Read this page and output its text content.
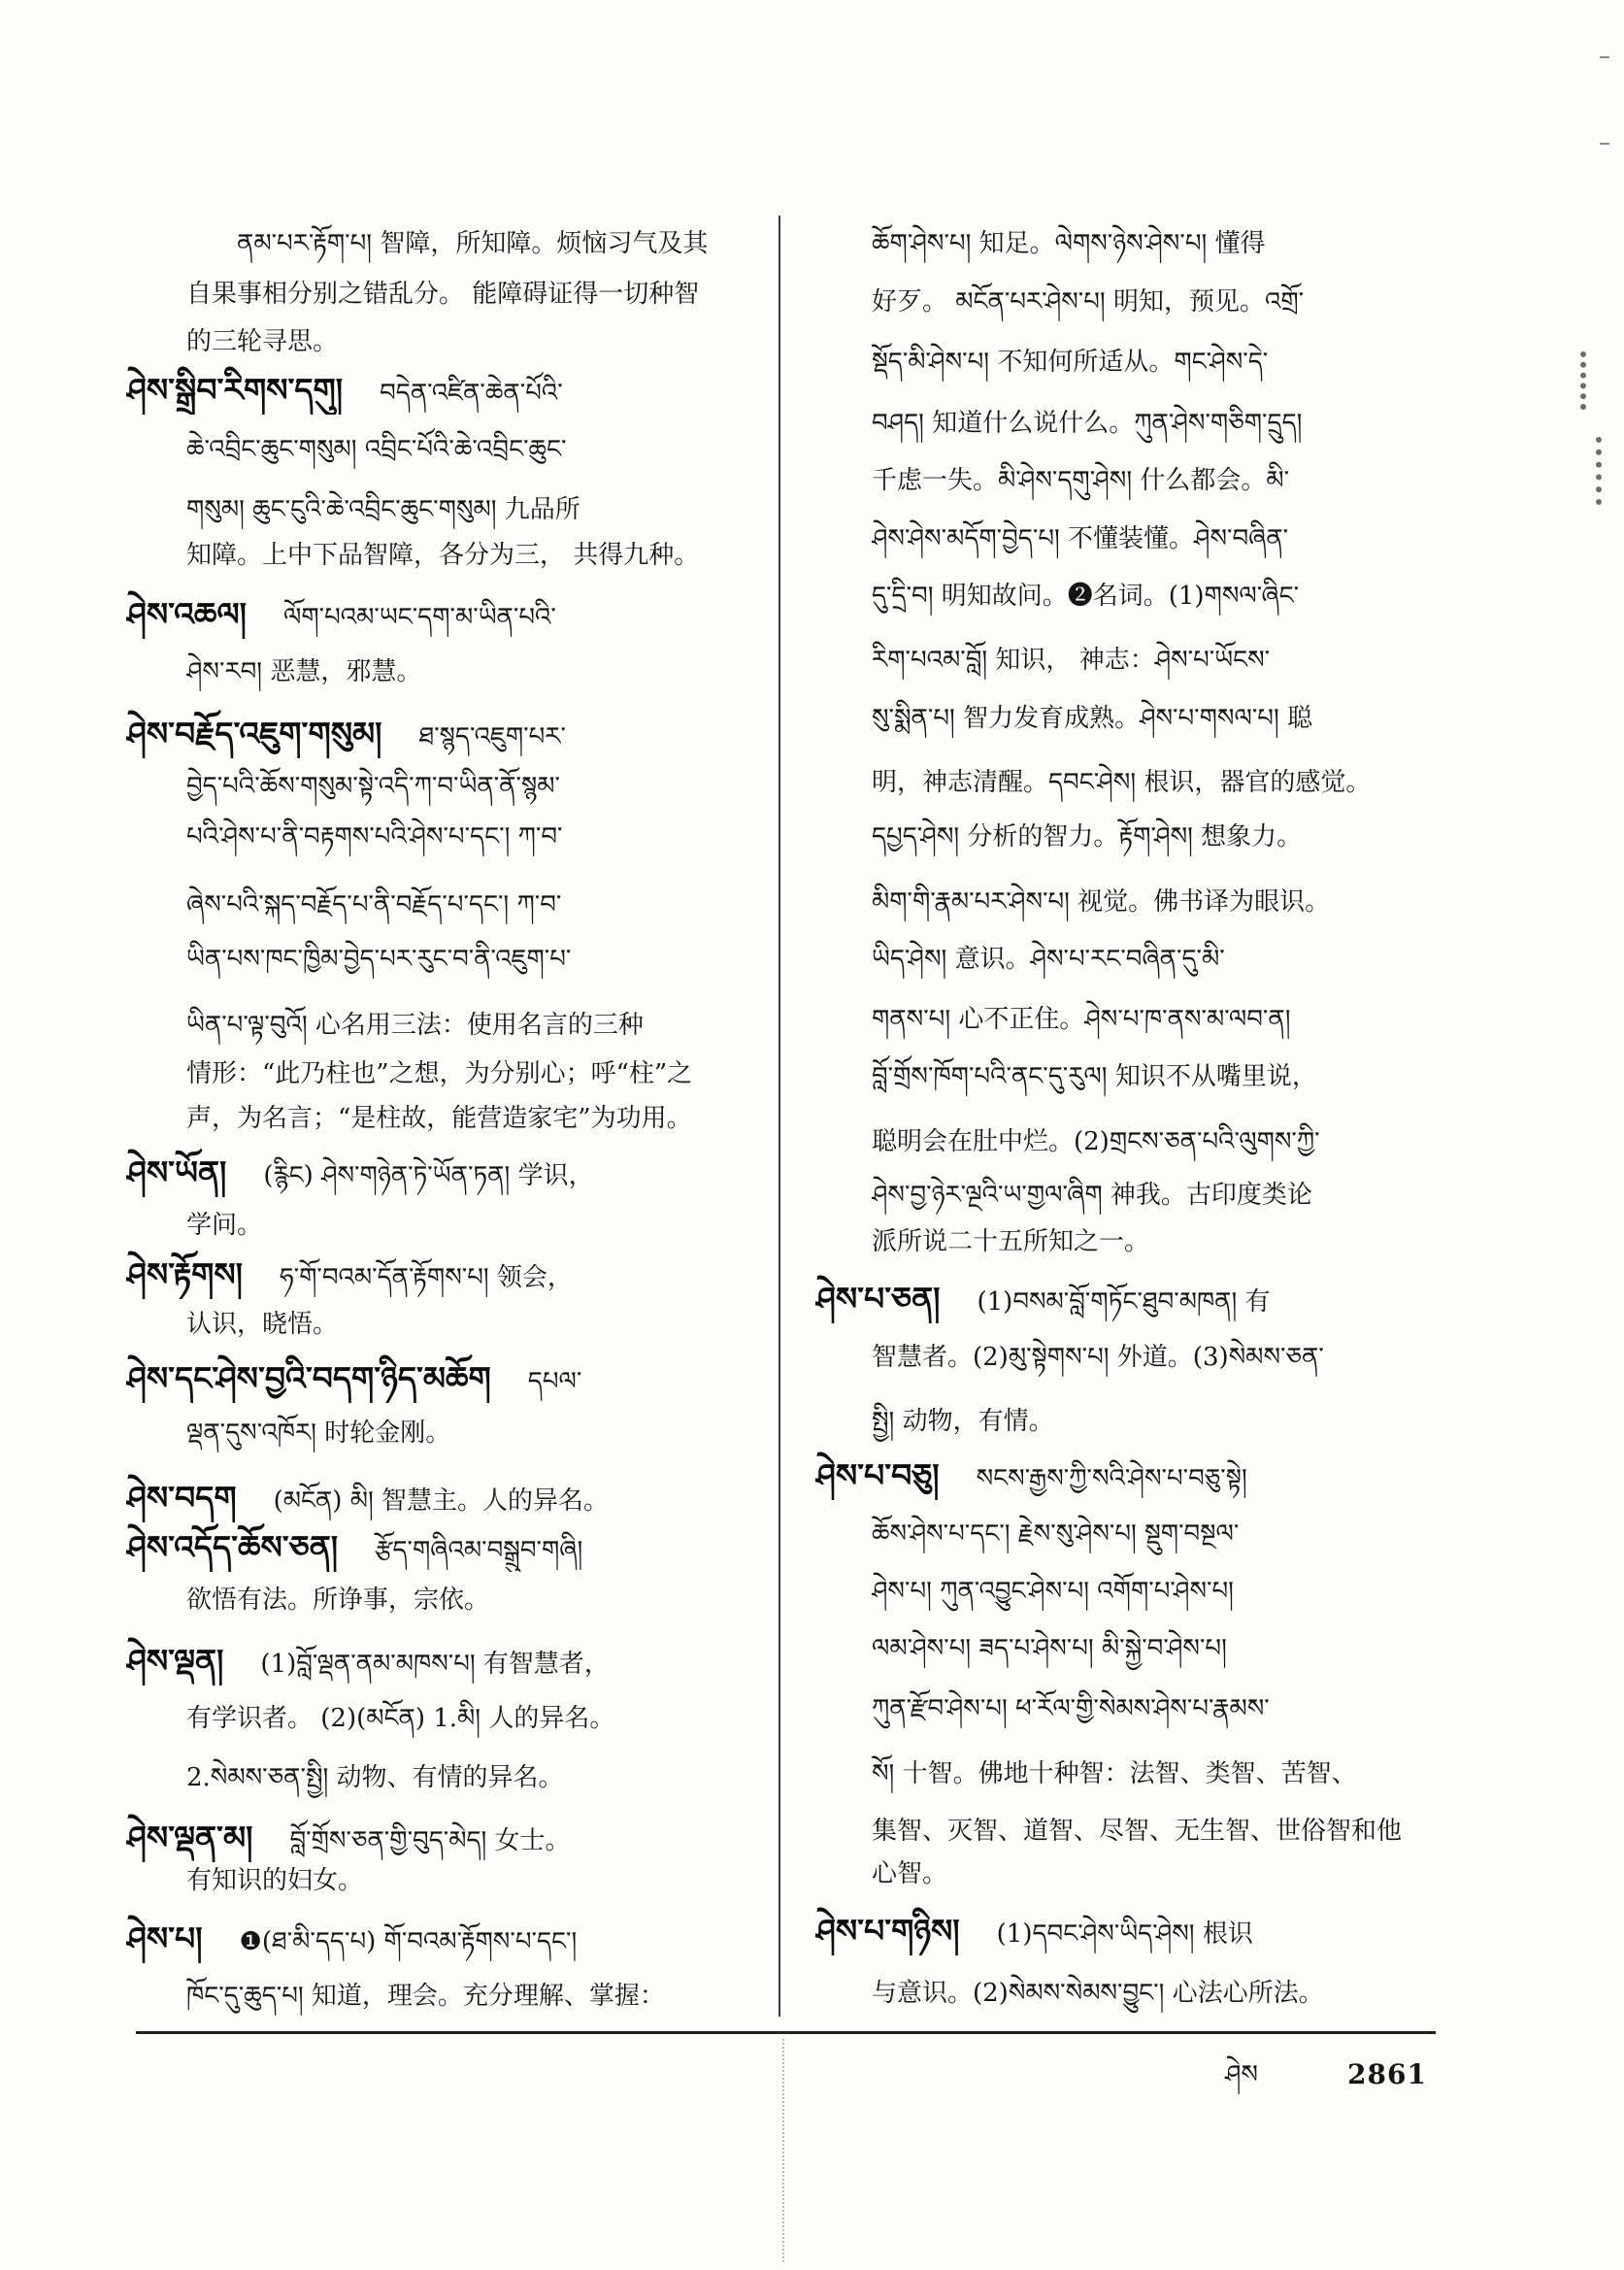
ནམ་པར་རྟོག་པ། 智障，所知障。烦恼习气及其
自果事相分别之错乱分。 能障碍证得一切种智
的三轮寻思。
ཤེས་སྒྲིབ་རིགས་དགུ། བདེན་འཛིན་ཆེན་པོའི་
ཆེ་འབྲིང་ཆུང་གསུམ། འབྲིང་པོའི་ཆེ་འབྲིང་ཆུང་
གསུམ། ཆུང་ངུའི་ཆེ་འབྲིང་ཆུང་གསུམ། 九品所
知障。上中下品智障，各分为三， 共得九种。
ཤེས་འཆལ། ལོག་པའམ་ཡང་དག་མ་ཡིན་པའི་
ཤེས་རབ། 恶慧，邪慧。
ཤེས་བརྗོད་འཇུག་གསུམ། ཐ་སྙད་འཇུག་པར་
བྱེད་པའི་ཆོས་གསུམ་སྟེ་འདི་ཀ་བ་ཡིན་ནོ་སྙམ་
པའི་ཤེས་པ་ནི་བརྟགས་པའི་ཤེས་པ་དང་། ཀ་བ་
ཞེས་པའི་སྐད་བརྗོད་པ་ནི་བརྗོད་པ་དང་། ཀ་བ་
ཡིན་པས་ཁང་ཁྱིམ་བྱེད་པར་རུང་བ་ནི་འཇུག་པ་
ཡིན་པ་ལྟ་བུའོ། 心名用三法：使用名言的三种
情形：“此乃柱也”之想，为分别心；呼“柱”之
声，为名言；“是柱故，能营造家宅”为功用。
ཤེས་ཡོན། (རྙིང) ཤེས་གཉེན་ཏེ་ཡོན་ཏན། 学识，
学问。
ཤེས་རྟོགས། ཧ་གོ་བའམ་དོན་རྟོགས་པ། 领会，
认识，晓悟。
ཤེས་དང་ཤེས་བྱའི་བདག་ཉིད་མཆོག དཔལ་
ལྡན་དུས་འཁོར། 时轮金刚。
ཤེས་བདག (མངོན) མི། 智慧主。人的异名。
ཤེས་འདོད་ཆོས་ཅན། རྩོད་གཞིའམ་བསྒྲུབ་གཞི།
欲悟有法。所诤事，宗依。
ཤེས་ལྡན། (1)བློ་ལྡན་ནམ་མཁས་པ། 有智慧者，
有学识者。 (2)(མངོན) 1.མི། 人的异名。
2.སེམས་ཅན་སྤྱི། 动物、有情的异名。
ཤེས་ལྡན་མ། བློ་གྲོས་ཅན་གྱི་བུད་མེད། 女士。
有知识的妇女。
ཤེས་པ། ❶(ཐ་མི་དད་པ) གོ་བའམ་རྟོགས་པ་དང་།
ཁོང་དུ་ཆུད་པ། 知道，理会。充分理解、掌握：
ཆོག་ཤེས་པ། 知足。ལེགས་ཉེས་ཤེས་པ། 懂得
好歹。 མངོན་པར་ཤེས་པ། 明知，预见。འགྲོ་
སྡོད་མི་ཤེས་པ། 不知何所适从。གང་ཤེས་དེ་
བཤད། 知道什么说什么。ཀུན་ཤེས་གཅིག་དྲུད།
千虑一失。མི་ཤེས་དགུ་ཤེས། 什么都会。མི་
ཤེས་ཤེས་མདོག་བྱེད་པ། 不懂装懂。ཤེས་བཞིན་
དུ་དྲི་བ། 明知故问。❷名词。(1)གསལ་ཞིང་
རིག་པའམ་བློ། 知识， 神志：ཤེས་པ་ཡོངས་
སུ་སྨིན་པ། 智力发育成熟。ཤེས་པ་གསལ་པ། 聪
明，神志清醒。དབང་ཤེས། 根识，器官的感觉。
དཔྱད་ཤེས། 分析的智力。རྟོག་ཤེས། 想象力。
མིག་གི་རྣམ་པར་ཤེས་པ། 视觉。佛书译为眼识。
ཡིད་ཤེས། 意识。ཤེས་པ་རང་བཞིན་དུ་མི་
གནས་པ། 心不正住。ཤེས་པ་ཁ་ནས་མ་ལབ་ན།
བློ་གྲོས་ཁོག་པའི་ནང་དུ་རུལ། 知识不从嘴里说，
聪明会在肚中烂。(2)གྲངས་ཅན་པའི་ལུགས་ཀྱི་
ཤེས་བྱ་ཉེར་ལྔའི་ཡ་གྱལ་ཞིག 神我。古印度类论
派所说二十五所知之一。
ཤེས་པ་ཅན། (1)བསམ་བློ་གཏོང་ཐུབ་མཁན། 有
智慧者。(2)མུ་སྟེགས་པ། 外道。(3)སེམས་ཅན་
སྤྱི། 动物，有情。
ཤེས་པ་བཅུ། སངས་རྒྱས་ཀྱི་སའི་ཤེས་པ་བཅུ་སྟེ།
ཆོས་ཤེས་པ་དང་། རྗེས་སུ་ཤེས་པ། སྡུག་བསྔལ་
ཤེས་པ། ཀུན་འབྱུང་ཤེས་པ། འགོག་པ་ཤེས་པ།
ལམ་ཤེས་པ། ཟད་པ་ཤེས་པ། མི་སྐྱེ་བ་ཤེས་པ།
ཀུན་རྫོབ་ཤེས་པ། ཕ་རོལ་གྱི་སེམས་ཤེས་པ་རྣམས་
སོ། 十智。佛地十种智：法智、类智、苦智、
集智、灭智、道智、尽智、无生智、世俗智和他
心智。
ཤེས་པ་གཉིས། (1)དབང་ཤེས་ཡིད་ཤེས། 根识
与意识。(2)སེམས་སེམས་བྱུང་། 心法心所法。
ཤེས	2861
